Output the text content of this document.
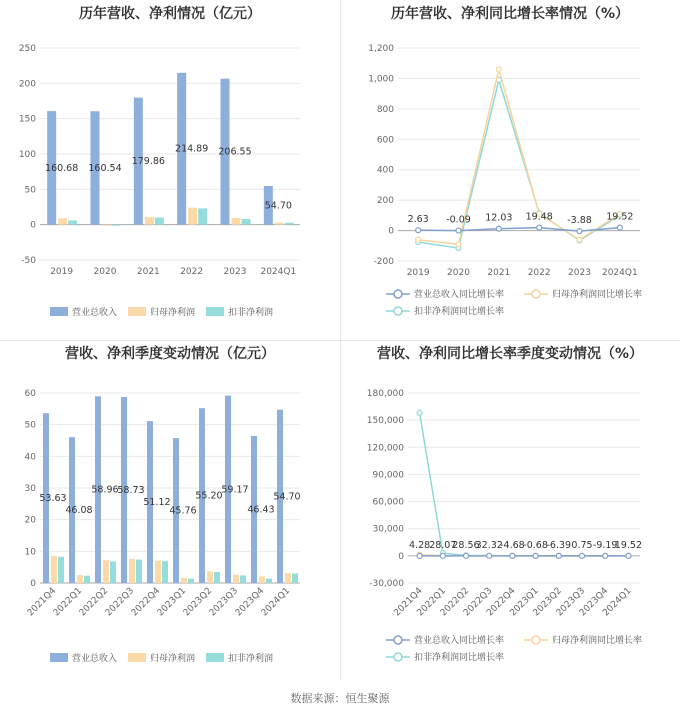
历年营收、净利情况（亿元）
-50
0
50
100
150
200
250
160.68
2019
160.54
2020
179.86
2021
214.89
2022
206.55
2023
54.70
2024Q1
营业总收入	归母净利润	扣非净利润
历年营收、净利同比增长率情况（%）
-200
0
200
400
600
800
1,000
1,200
2.63
2019
-0.09
2020
12.03
2021
19.48
2022
-3.88
2023
19.52
2024Q1
营业总收入同比增长率	归母净利润同比增长率
扣非净利润同比增长率
营收、净利季度变动情况（亿元）
0
10
20
30
40
50
60
53.63
2021Q4
46.08
2022Q1
58.96
2022Q2
58.73
2022Q3
51.12
2022Q4
45.76
2023Q1
55.20
2023Q2
59.17
2023Q3
46.43
2023Q4
54.70
2024Q1
营业总收入	归母净利润	扣非净利润
营收、净利同比增长率季度变动情况（%）
-30,000
0
30,000
60,000
90,000
120,000
150,000
180,000
4.28
2021Q4
28.07
2022Q1
28.56
2022Q2
32.32
2022Q3
-4.68
2022Q4
-0.68
2023Q1
-6.39
2023Q2
0.75
2023Q3
-9.19
2023Q4
19.52
2024Q1
营业总收入同比增长率	归母净利润同比增长率
扣非净利润同比增长率
数据来源：恒生聚源
